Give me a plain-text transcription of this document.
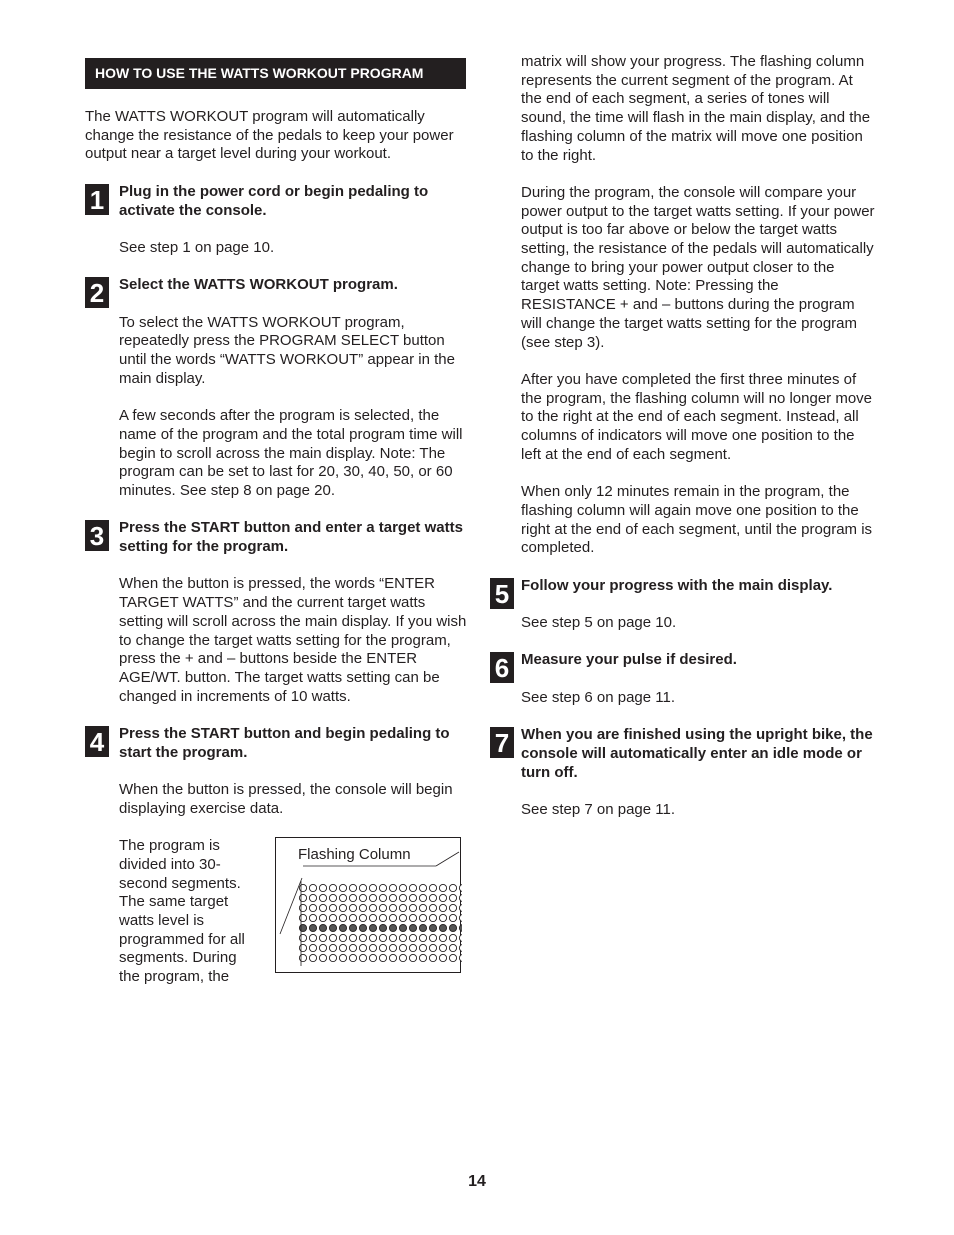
HOW TO USE THE WATTS WORKOUT PROGRAM

The WATTS WORKOUT program will automatically change the resistance of the pedals to keep your power output near a target level during your workout.

1 Plug in the power cord or begin pedaling to activate the console.

See step 1 on page 10.

2 Select the WATTS WORKOUT program.

To select the WATTS WORKOUT program, repeatedly press the PROGRAM SELECT button until the words “WATTS WORKOUT” appear in the main display.

A few seconds after the program is selected, the name of the program and the total program time will begin to scroll across the main display. Note: The program can be set to last for 20, 30, 40, 50, or 60 minutes. See step 8 on page 20.

3 Press the START button and enter a target watts setting for the program.

When the button is pressed, the words “ENTER TARGET WATTS” and the current target watts setting will scroll across the main display. If you wish to change the target watts setting for the program, press the + and – buttons beside the ENTER AGE/WT. button. The target watts setting can be changed in increments of 10 watts.

4 Press the START button and begin pedaling to start the program.

When the button is pressed, the console will begin displaying exercise data.

The program is divided into 30-second segments. The same target watts level is programmed for all segments. During the program, the

Flashing Column

matrix will show your progress. The flashing column represents the current segment of the program. At the end of each segment, a series of tones will sound, the time will flash in the main display, and the flashing column of the matrix will move one position to the right.

During the program, the console will compare your power output to the target watts setting. If your power output is too far above or below the target watts setting, the resistance of the pedals will automatically change to bring your power output closer to the target watts setting. Note: Pressing the RESISTANCE + and – buttons during the program will change the target watts setting for the program (see step 3).

After you have completed the first three minutes of the program, the flashing column will no longer move to the right at the end of each segment. Instead, all columns of indicators will move one position to the left at the end of each segment.

When only 12 minutes remain in the program, the flashing column will again move one position to the right at the end of each segment, until the program is completed.

5 Follow your progress with the main display.

See step 5 on page 10.

6 Measure your pulse if desired.

See step 6 on page 11.

7 When you are finished using the upright bike, the console will automatically enter an idle mode or turn off.

See step 7 on page 11.

14
